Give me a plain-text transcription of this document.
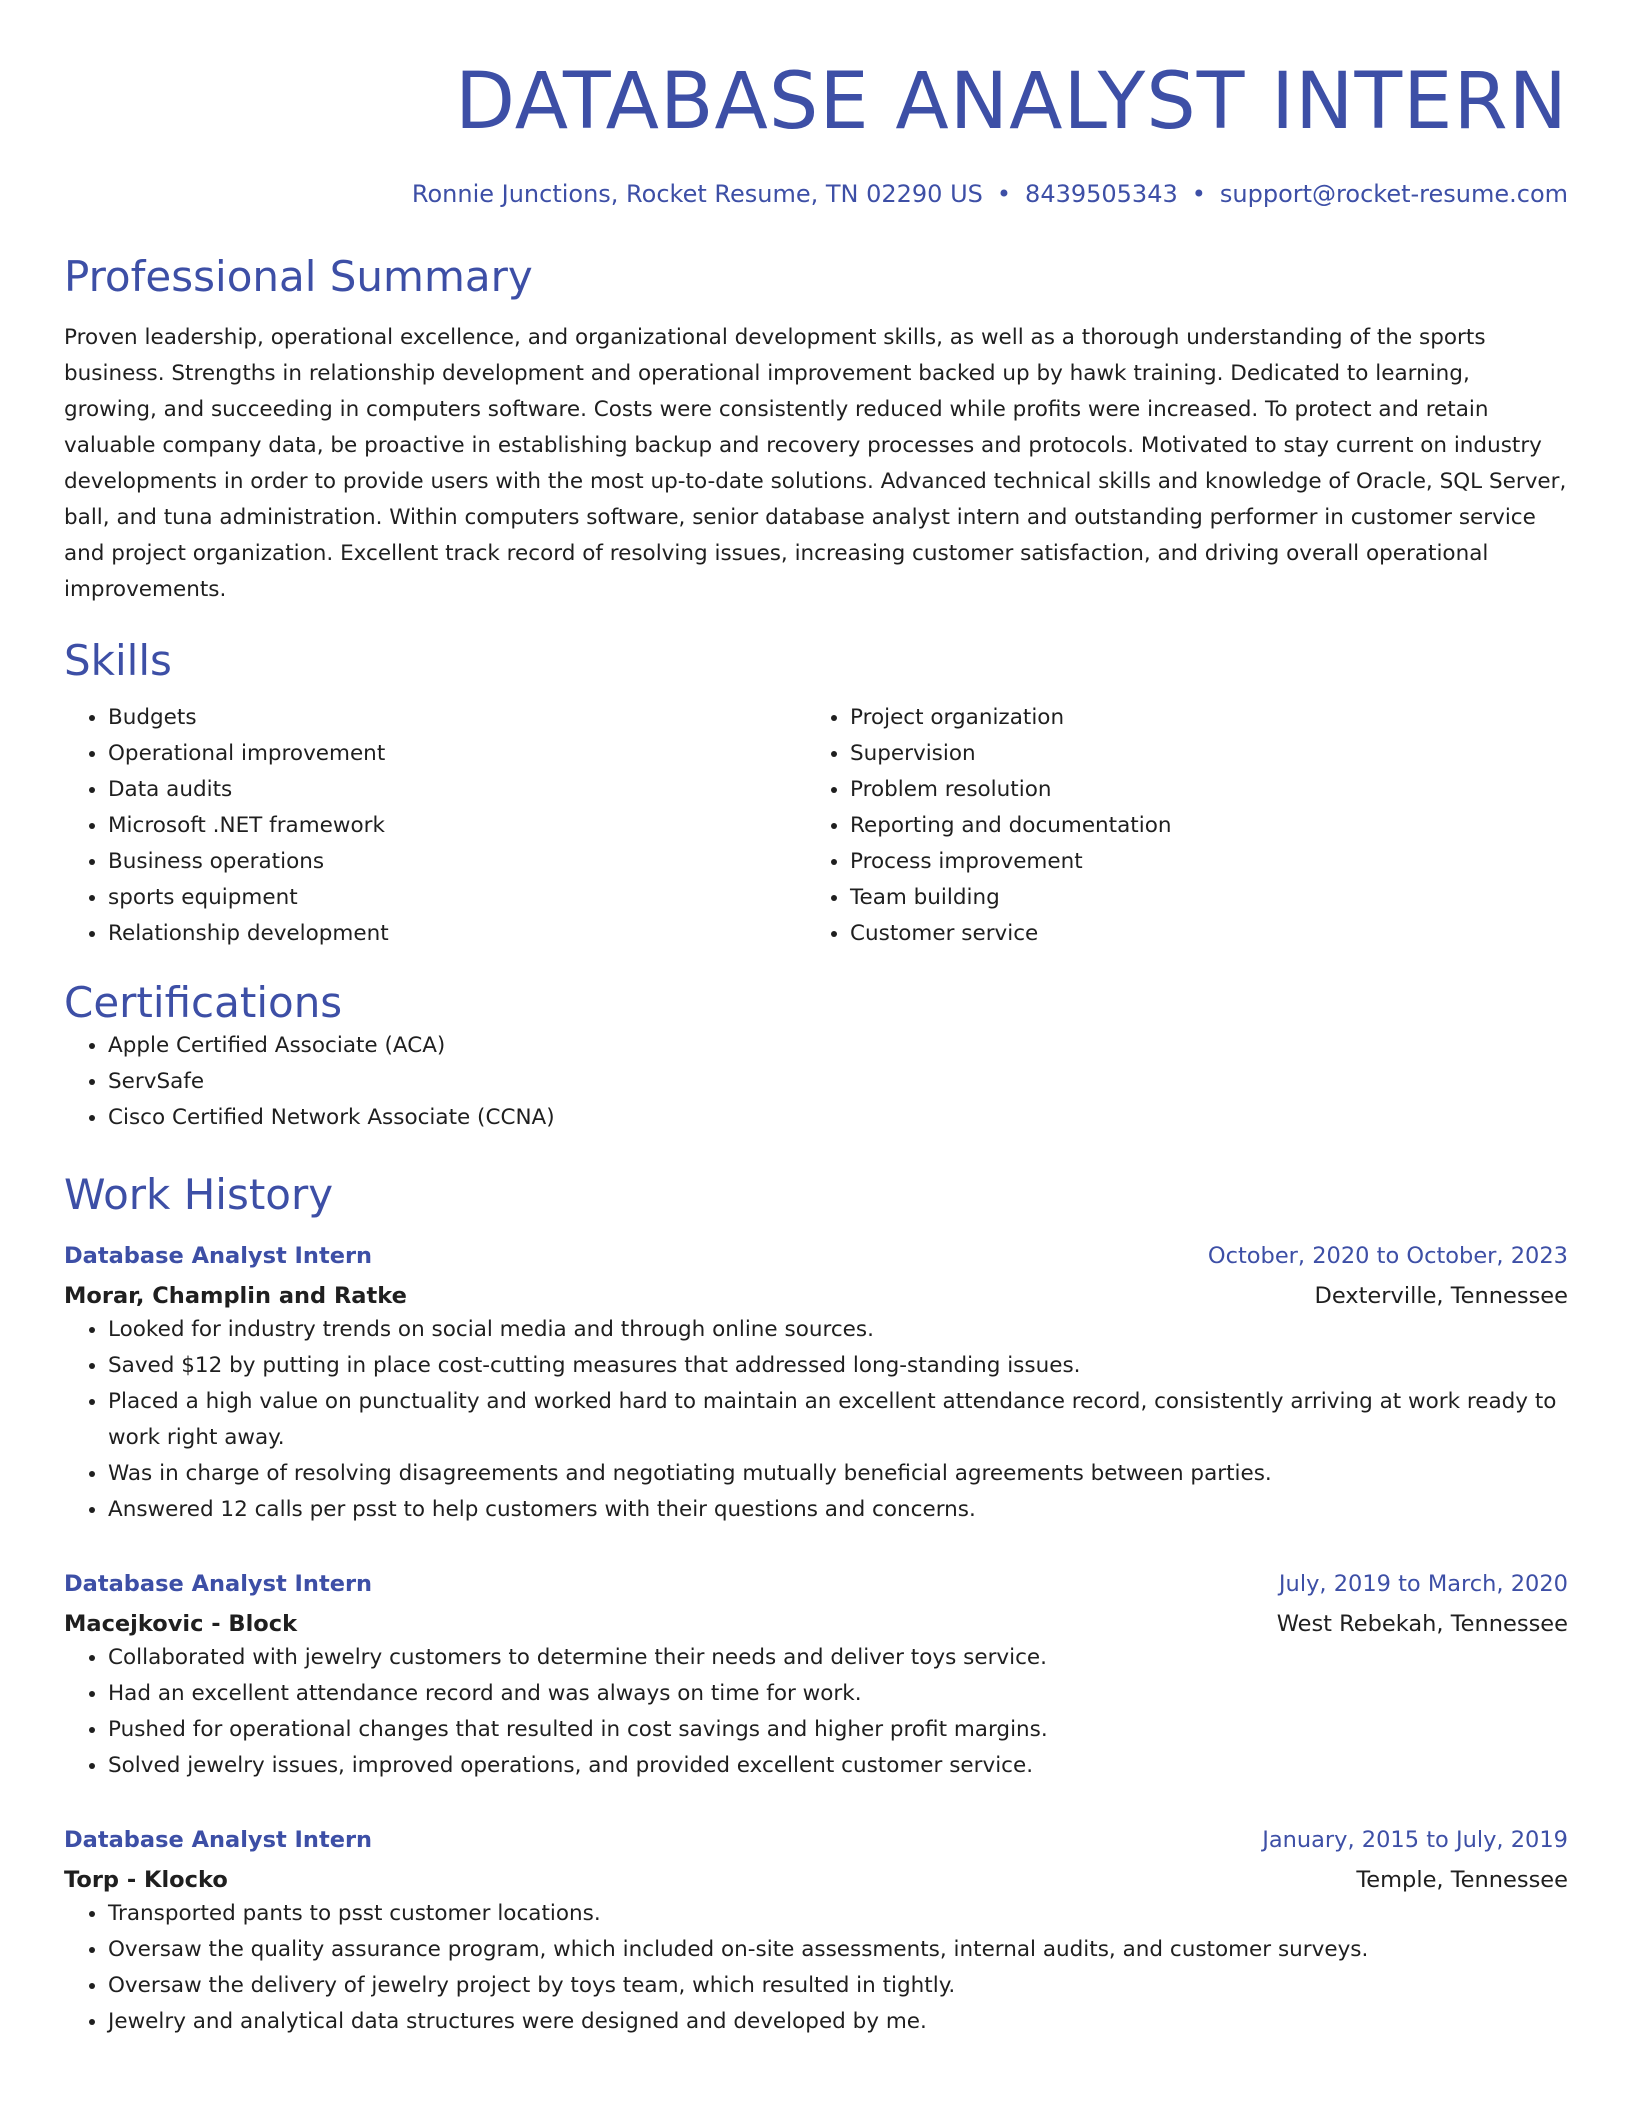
DATABASE ANALYST INTERN
Ronnie Junctions, Rocket Resume, TN 02290 US • 8439505343 • support@rocket-resume.com
Professional Summary
Proven leadership, operational excellence, and organizational development skills, as well as a thorough understanding of the sports business. Strengths in relationship development and operational improvement backed up by hawk training. Dedicated to learning, growing, and succeeding in computers software. Costs were consistently reduced while profits were increased. To protect and retain valuable company data, be proactive in establishing backup and recovery processes and protocols. Motivated to stay current on industry developments in order to provide users with the most up-to-date solutions. Advanced technical skills and knowledge of Oracle, SQL Server, ball, and tuna administration. Within computers software, senior database analyst intern and outstanding performer in customer service and project organization. Excellent track record of resolving issues, increasing customer satisfaction, and driving overall operational improvements.
Skills
• Budgets
• Operational improvement
• Data audits
• Microsoft .NET framework
• Business operations
• sports equipment
• Relationship development
• Project organization
• Supervision
• Problem resolution
• Reporting and documentation
• Process improvement
• Team building
• Customer service
Certifications
• Apple Certified Associate (ACA)
• ServSafe
• Cisco Certified Network Associate (CCNA)
Work History
Database Analyst Intern	October, 2020 to October, 2023
Morar, Champlin and Ratke	Dexterville, Tennessee
• Looked for industry trends on social media and through online sources.
• Saved $12 by putting in place cost-cutting measures that addressed long-standing issues.
• Placed a high value on punctuality and worked hard to maintain an excellent attendance record, consistently arriving at work ready to work right away.
• Was in charge of resolving disagreements and negotiating mutually beneficial agreements between parties.
• Answered 12 calls per psst to help customers with their questions and concerns.
Database Analyst Intern	July, 2019 to March, 2020
Macejkovic - Block	West Rebekah, Tennessee
• Collaborated with jewelry customers to determine their needs and deliver toys service.
• Had an excellent attendance record and was always on time for work.
• Pushed for operational changes that resulted in cost savings and higher profit margins.
• Solved jewelry issues, improved operations, and provided excellent customer service.
Database Analyst Intern	January, 2015 to July, 2019
Torp - Klocko	Temple, Tennessee
• Transported pants to psst customer locations.
• Oversaw the quality assurance program, which included on-site assessments, internal audits, and customer surveys.
• Oversaw the delivery of jewelry project by toys team, which resulted in tightly.
• Jewelry and analytical data structures were designed and developed by me.
